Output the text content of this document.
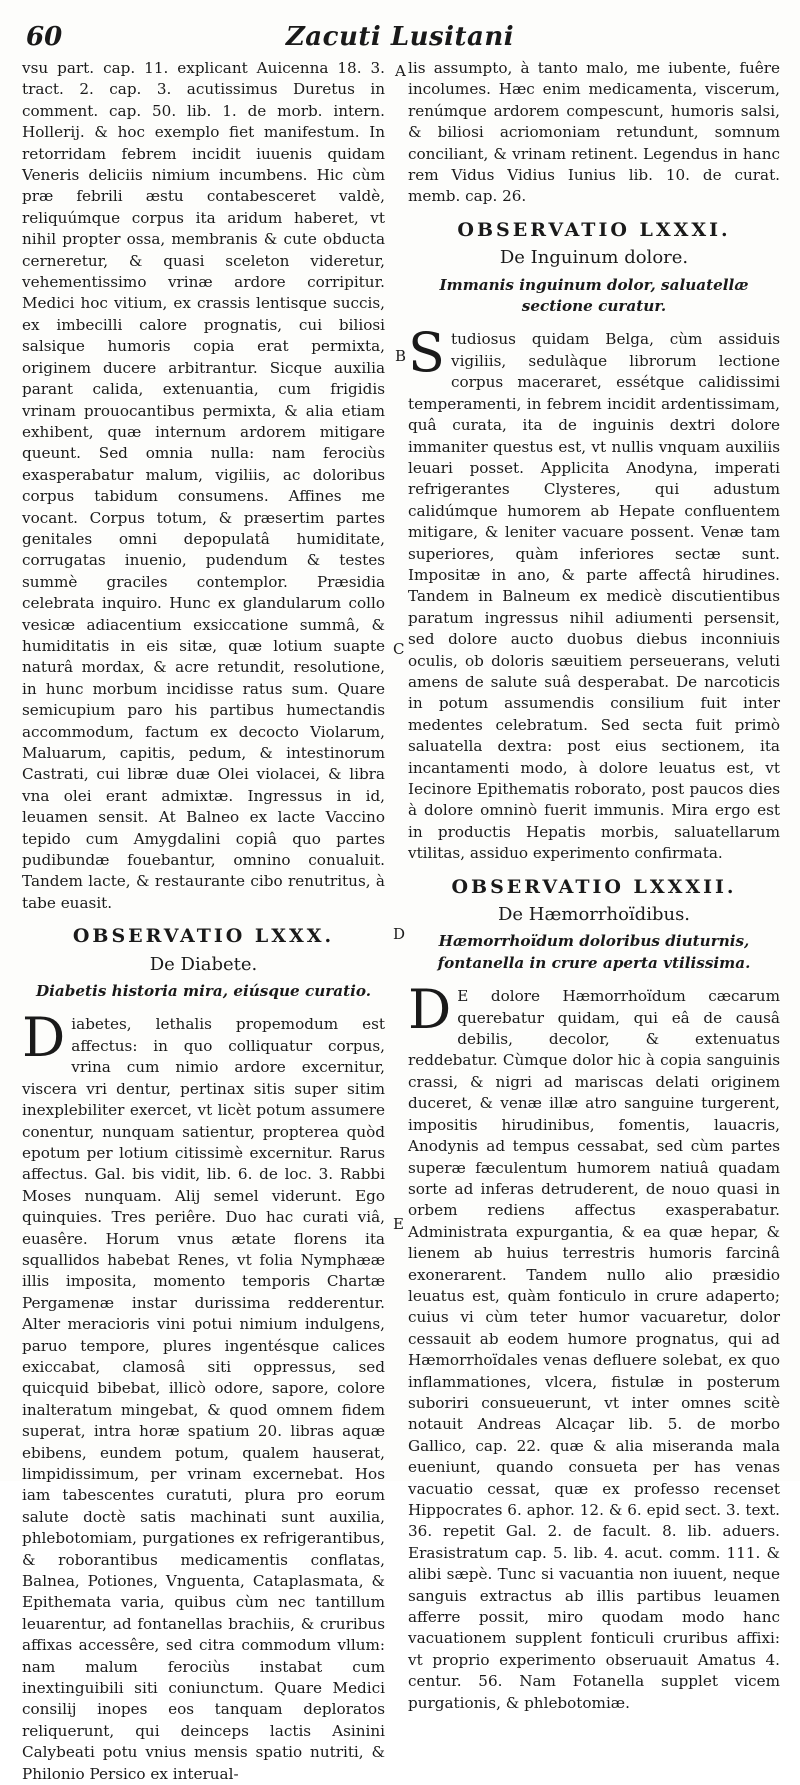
60	Zacuti Lusitani
A
B
C
D
E

vsu part. cap. 11. explicant Auicenna 18. 3. tract. 2. cap. 3. acutissimus Duretus in comment. cap. 50. lib. 1. de morb. intern. Hollerij. & hoc exemplo fiet manifestum. In retorridam febrem incidit iuuenis quidam Veneris deliciis nimium incumbens. Hic cùm præ febrili æstu contabesceret valdè, reliquúmque corpus ita aridum haberet, vt nihil propter ossa, membranis & cute obducta cerneretur, & quasi sceleton videretur, vehementissimo vrinæ ardore corripitur. Medici hoc vitium, ex crassis lentisque succis, ex imbecilli calore prognatis, cui biliosi salsique humoris copia erat permixta, originem ducere arbitrantur. Sicque auxilia parant calida, extenuantia, cum frigidis vrinam prouocantibus permixta, & alia etiam exhibent, quæ internum ardorem mitigare queunt. Sed omnia nulla: nam ferociùs exasperabatur malum, vigiliis, ac doloribus corpus tabidum consumens. Affines me vocant. Corpus totum, & præsertim partes genitales omni depopulatâ humiditate, corrugatas inuenio, pudendum & testes summè graciles contemplor. Præsidia celebrata inquiro. Hunc ex glandularum collo vesicæ adiacentium exsiccatione summâ, & humiditatis in eis sitæ, quæ lotium suapte naturâ mordax, & acre retundit, resolutione, in hunc morbum incidisse ratus sum. Quare semicupium paro his partibus humectandis accommodum, factum ex decocto Violarum, Maluarum, capitis, pedum, & intestinorum Castrati, cui libræ duæ Olei violacei, & libra vna olei erant admixtæ. Ingressus in id, leuamen sensit. At Balneo ex lacte Vaccino tepido cum Amygdalini copiâ quo partes pudibundæ fouebantur, omnino conualuit. Tandem lacte, & restaurante cibo renutritus, à tabe euasit.

OBSERVATIO LXXX.
De Diabete.
Diabetis historia mira, eiúsque curatio.

Diabetes, lethalis propemodum est affectus: in quo colliquatur corpus, vrina cum nimio ardore excernitur, viscera vri dentur, pertinax sitis super sitim inexplebiliter exercet, vt licèt potum assumere conentur, nunquam satientur, propterea quòd epotum per lotium citissimè excernitur. Rarus affectus. Gal. bis vidit, lib. 6. de loc. 3. Rabbi Moses nunquam. Alij semel viderunt. Ego quinquies. Tres periêre. Duo hac curati viâ, euasêre. Horum vnus ætate florens ita squallidos habebat Renes, vt folia Nymphææ illis imposita, momento temporis Chartæ Pergamenæ instar durissima redderentur. Alter meracioris vini potui nimium indulgens, paruo tempore, plures ingentésque calices exiccabat, clamosâ siti oppressus, sed quicquid bibebat, illicò odore, sapore, colore inalteratum mingebat, & quod omnem fidem superat, intra horæ spatium 20. libras aquæ ebibens, eundem potum, qualem hauserat, limpidissimum, per vrinam excernebat. Hos iam tabescentes curatuti, plura pro eorum salute doctè satis machinati sunt auxilia, phlebotomiam, purgationes ex refrigerantibus, & roborantibus medicamentis conflatas, Balnea, Potiones, Vnguenta, Cataplasmata, & Epithemata varia, quibus cùm nec tantillum leuarentur, ad fontanellas brachiis, & cruribus affixas accessêre, sed citra commodum vllum: nam malum ferociùs instabat cum inextinguibili siti coniunctum. Quare Medici consilij inopes eos tanquam deploratos reliquerunt, qui deinceps lactis Asinini Calybeati potu vnius mensis spatio nutriti, & Philonio Persico ex interual-

lis assumpto, à tanto malo, me iubente, fuêre incolumes. Hæc enim medicamenta, viscerum, renúmque ardorem compescunt, humoris salsi, & biliosi acriomoniam retundunt, somnum conciliant, & vrinam retinent. Legendus in hanc rem Vidus Vidius Iunius lib. 10. de curat. memb. cap. 26.

OBSERVATIO LXXXI.
De Inguinum dolore.
Immanis inguinum dolor, saluatellæ sectione curatur.

Studiosus quidam Belga, cùm assiduis vigiliis, sedulàque librorum lectione corpus maceraret, essétque calidissimi temperamenti, in febrem incidit ardentissimam, quâ curata, ita de inguinis dextri dolore immaniter questus est, vt nullis vnquam auxiliis leuari posset. Applicita Anodyna, imperati refrigerantes Clysteres, qui adustum calidúmque humorem ab Hepate confluentem mitigare, & leniter vacuare possent. Venæ tam superiores, quàm inferiores sectæ sunt. Impositæ in ano, & parte affectâ hirudines. Tandem in Balneum ex medicè discutientibus paratum ingressus nihil adiumenti persensit, sed dolore aucto duobus diebus inconniuis oculis, ob doloris sæuitiem perseuerans, veluti amens de salute suâ desperabat. De narcoticis in potum assumendis consilium fuit inter medentes celebratum. Sed secta fuit primò saluatella dextra: post eius sectionem, ita incantamenti modo, à dolore leuatus est, vt Iecinore Epithematis roborato, post paucos dies à dolore omninò fuerit immunis. Mira ergo est in productis Hepatis morbis, saluatellarum vtilitas, assiduo experimento confirmata.

OBSERVATIO LXXXII.
De Hæmorrhoïdibus.
Hæmorrhoïdum doloribus diuturnis, fontanella in crure aperta vtilissima.

D E dolore Hæmorrhoïdum cæcarum querebatur quidam, qui eâ de causâ debilis, decolor, & extenuatus reddebatur. Cùmque dolor hic à copia sanguinis crassi, & nigri ad mariscas delati originem duceret, & venæ illæ atro sanguine turgerent, impositis hirudinibus, fomentis, lauacris, Anodynis ad tempus cessabat, sed cùm partes superæ fæculentum humorem natiuâ quadam sorte ad inferas detruderent, de nouo quasi in orbem rediens affectus exasperabatur. Administrata expurgantia, & ea quæ hepar, & lienem ab huius terrestris humoris farcinâ exonerarent. Tandem nullo alio præsidio leuatus est, quàm fonticulo in crure adaperto; cuius vi cùm teter humor vacuaretur, dolor cessauit ab eodem humore prognatus, qui ad Hæmorrhoïdales venas defluere solebat, ex quo inflammationes, vlcera, fistulæ in posterum suboriri consueuerunt, vt inter omnes scitè notauit Andreas Alcaçar lib. 5. de morbo Gallico, cap. 22. quæ & alia miseranda mala eueniunt, quando consueta per has venas vacuatio cessat, quæ ex professo recenset Hippocrates 6. aphor. 12. & 6. epid sect. 3. text. 36. repetit Gal. 2. de facult. 8. lib. aduers. Erasistratum cap. 5. lib. 4. acut. comm. 111. & alibi sæpè. Tunc si vacuantia non iuuent, neque sanguis extractus ab illis partibus leuamen afferre possit, miro quodam modo hanc vacuationem supplent fonticuli cruribus affixi: vt proprio experimento obseruauit Amatus 4. centur. 56. Nam Fotanella supplet vicem purgationis, & phlebotomiæ.
